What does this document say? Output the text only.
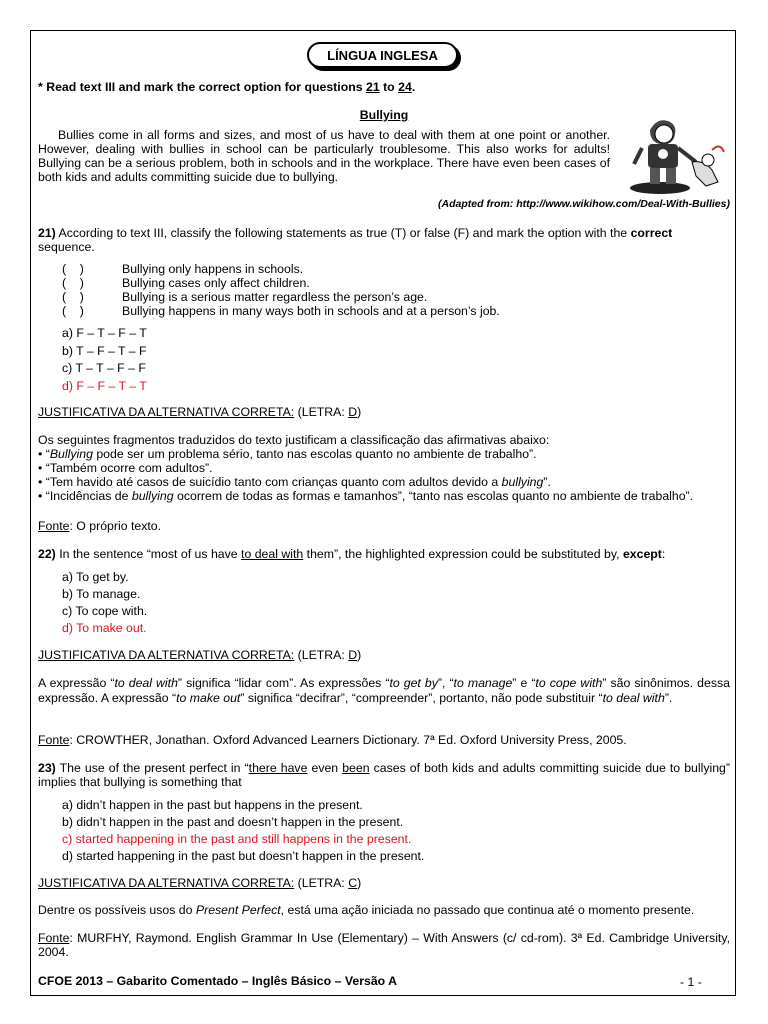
LÍNGUA INGLESA
* Read text III and mark the correct option for questions 21 to 24.
Bullying
Bullies come in all forms and sizes, and most of us have to deal with them at one point or another. However, dealing with bullies in school can be particularly troublesome. This also works for adults! Bullying can be a serious problem, both in schools and in the workplace. There have even been cases of both kids and adults committing suicide due to bullying.
(Adapted from: http://www.wikihow.com/Deal-With-Bullies)
21) According to text III, classify the following statements as true (T) or false (F) and mark the option with the correct sequence.
(    )	Bullying only happens in schools.
(    )	Bullying cases only affect children.
(    )	Bullying is a serious matter regardless the person’s age.
(    )	Bullying happens in many ways both in schools and at a person’s job.
a) F – T – F – T
b) T – F – T – F
c) T – T – F – F
d) F – F – T – T
JUSTIFICATIVA DA ALTERNATIVA CORRETA: (LETRA: D)
Os seguintes fragmentos traduzidos do texto justificam a classificação das afirmativas abaixo:
• “Bullying pode ser um problema sério, tanto nas escolas quanto no ambiente de trabalho”.
• “Também ocorre com adultos”.
• “Tem havido até casos de suicídio tanto com crianças quanto com adultos devido a bullying”.
• “Incidências de bullying ocorrem de todas as formas e tamanhos”, “tanto nas escolas quanto no ambiente de trabalho”.
Fonte: O próprio texto.
22) In the sentence “most of us have to deal with them”, the highlighted expression could be substituted by, except:
a) To get by.
b) To manage.
c) To cope with.
d) To make out.
JUSTIFICATIVA DA ALTERNATIVA CORRETA: (LETRA: D)
A expressão “to deal with” significa “lidar com”. As expressões “to get by”, “to manage” e “to cope with” são sinônimos. dessa expressão. A expressão “to make out” significa “decifrar”, “compreender”, portanto, não pode substituir “to deal with”.
Fonte: CROWTHER, Jonathan. Oxford Advanced Learners Dictionary. 7ª Ed. Oxford University Press, 2005.
23) The use of the present perfect in “there have even been cases of both kids and adults committing suicide due to bullying” implies that bullying is something that
a) didn’t happen in the past but happens in the present.
b) didn’t happen in the past and doesn’t happen in the present.
c) started happening in the past and still happens in the present.
d) started happening in the past but doesn’t happen in the present.
JUSTIFICATIVA DA ALTERNATIVA CORRETA: (LETRA: C)
Dentre os possíveis usos do Present Perfect, está uma ação iniciada no passado que continua até o momento presente.
Fonte: MURFHY, Raymond. English Grammar In Use (Elementary) – With Answers (c/ cd-rom). 3ª Ed. Cambridge University, 2004.
CFOE 2013 – Gabarito Comentado – Inglês Básico – Versão A	- 1 -
